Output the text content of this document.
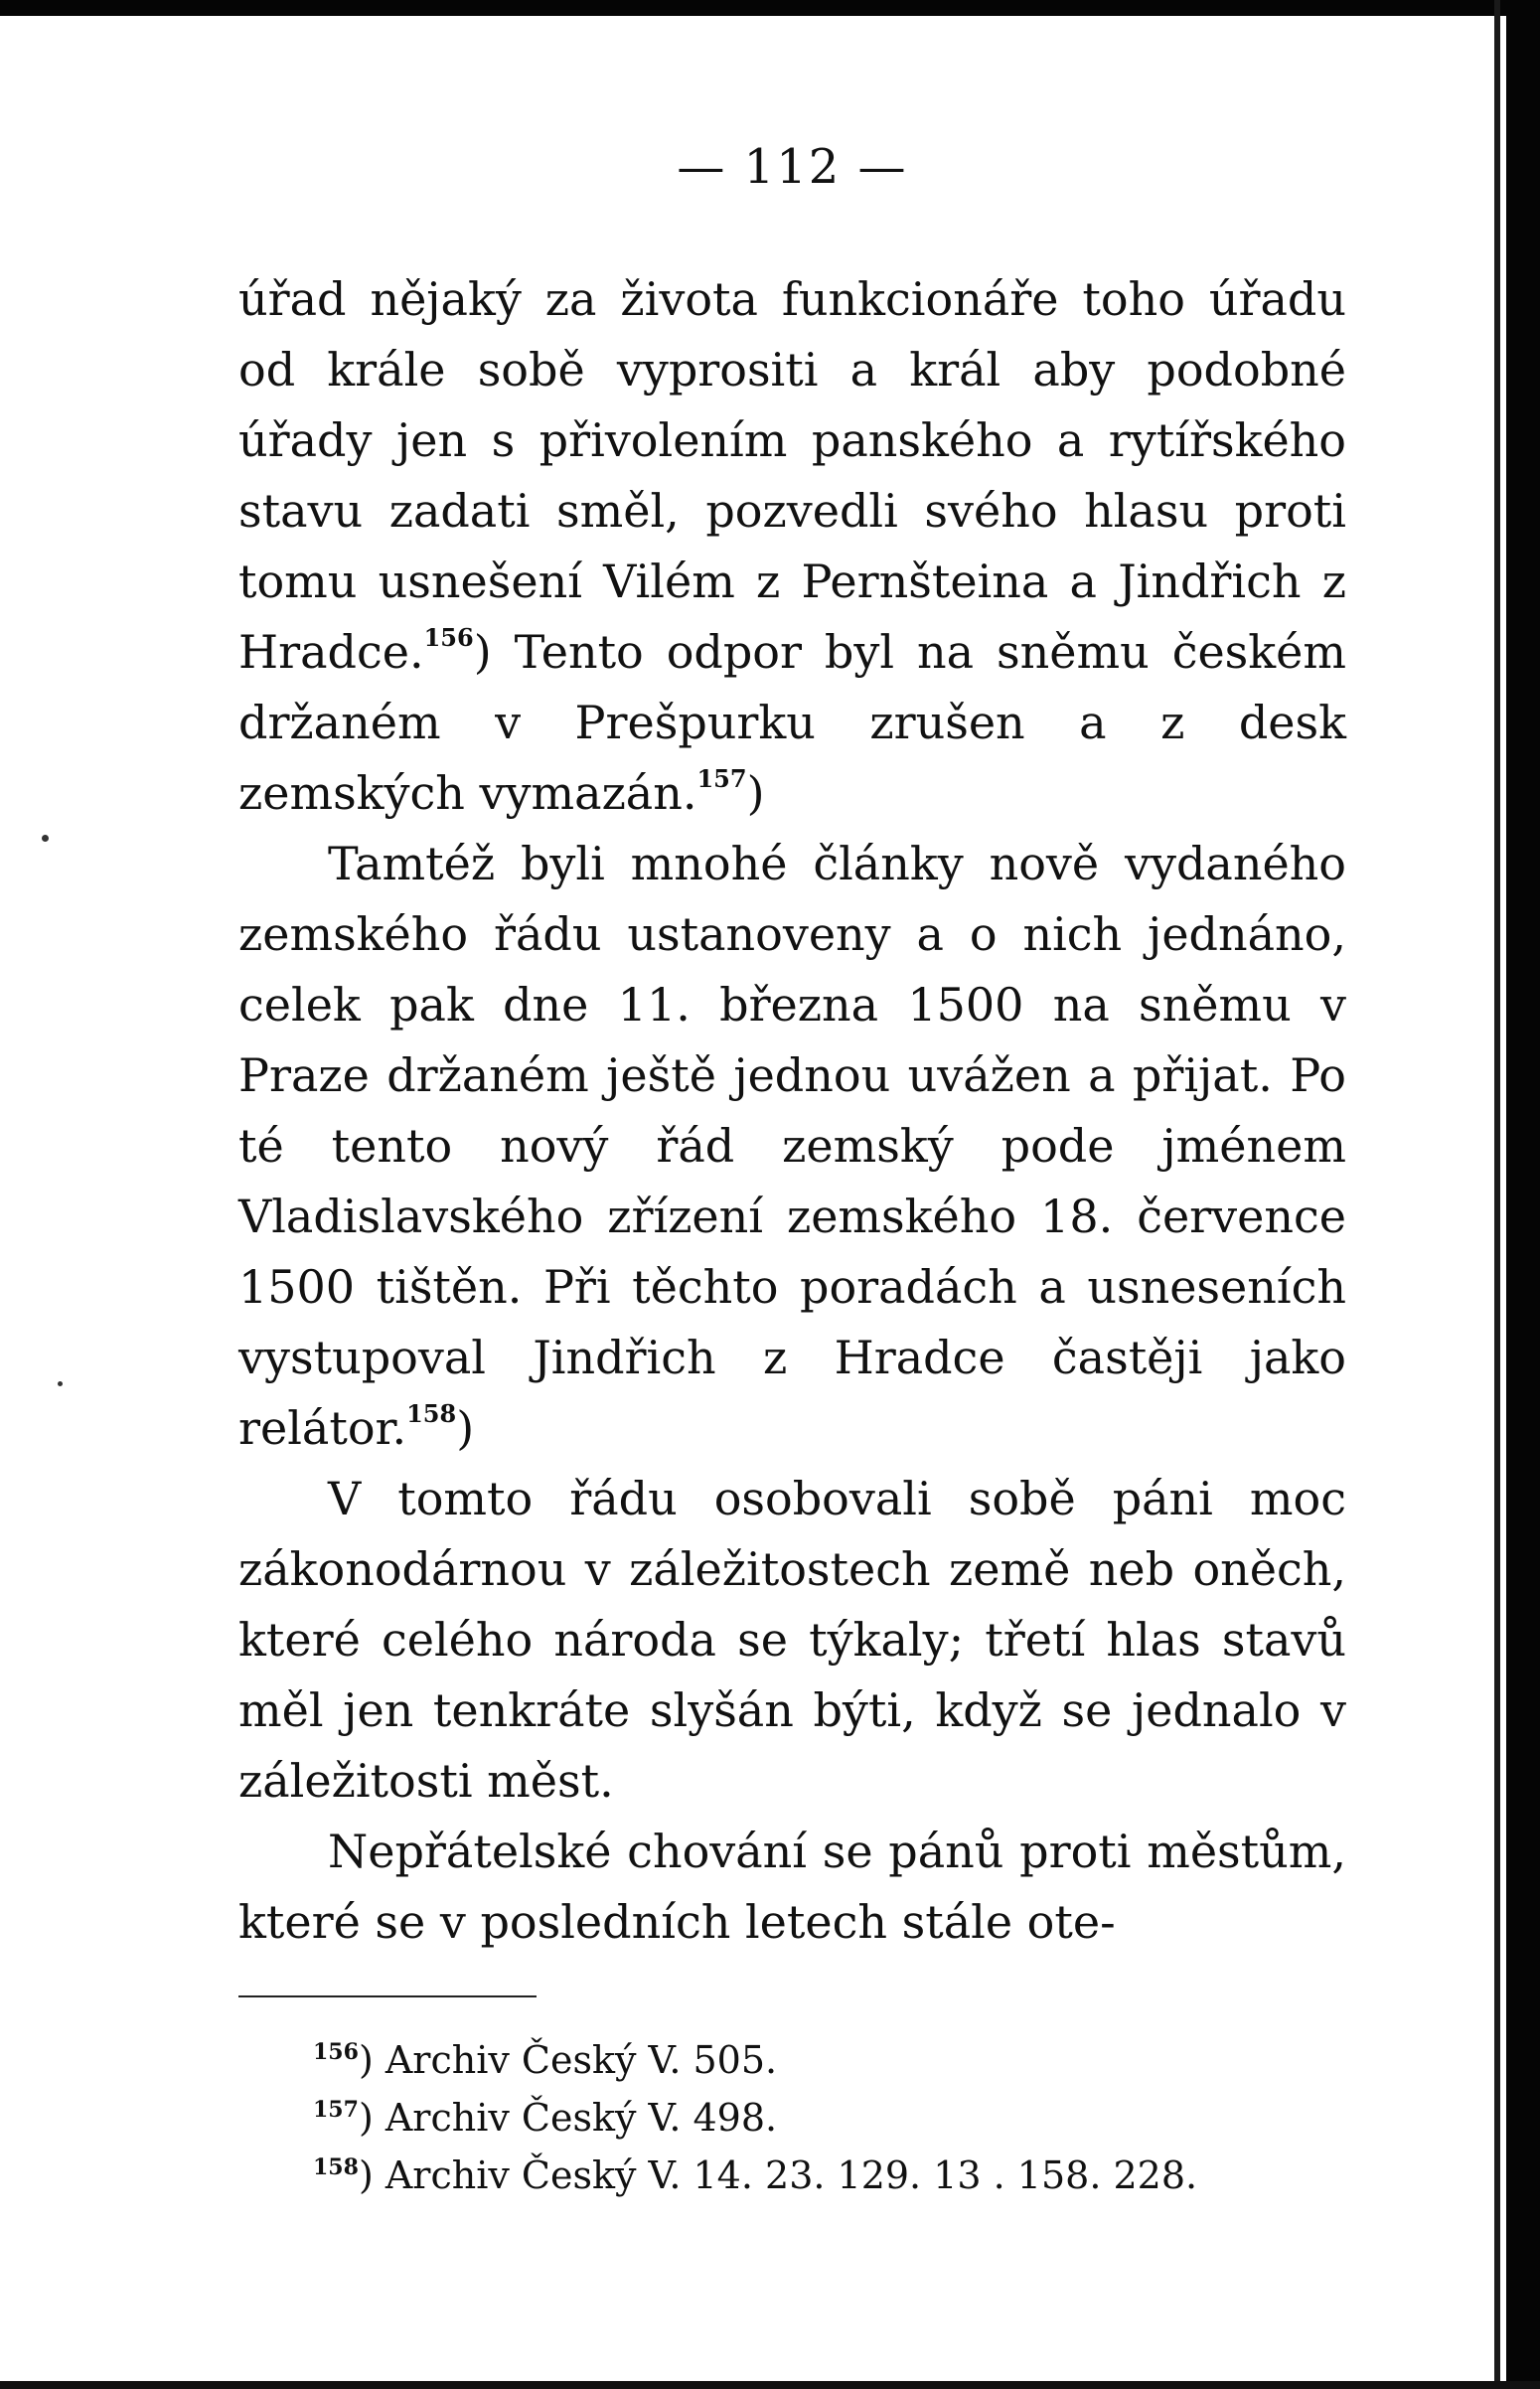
— 112 —

úřad nějaký za života funkcionáře toho úřadu od krále sobě vyprositi a král aby podobné úřady jen s přivolením panského a rytířského stavu zadati směl, pozvedli svého hlasu proti tomu usnešení Vilém z Pernšteina a Jindřich z Hradce.$^{156}$) Tento odpor byl na sněmu českém držaném v Prešpurku zrušen a z desk zemských vymazán.$^{157}$)

Tamtéž byli mnohé články nově vydaného zemského řádu ustanoveny a o nich jednáno, celek pak dne 11. března 1500 na sněmu v Praze držaném ještě jednou uvážen a přijat. Po té tento nový řád zemský pode jménem Vladislavského zřízení zemského 18. července 1500 tištěn. Při těchto poradách a usneseních vystupoval Jindřich z Hradce častěji jako relátor.$^{158}$)

V tomto řádu osobovali sobě páni moc zákonodárnou v záležitostech země neb oněch, které celého národa se týkaly; třetí hlas stavů měl jen tenkráte slyšán býti, když se jednalo v záležitosti měst.

Nepřátelské chování se pánů proti městům, které se v posledních letech stále ote-

$^{156}$) Archiv Český V. 505.
$^{157}$) Archiv Český V. 498.
$^{158}$) Archiv Český V. 14. 23. 129. 13 . 158. 228.
